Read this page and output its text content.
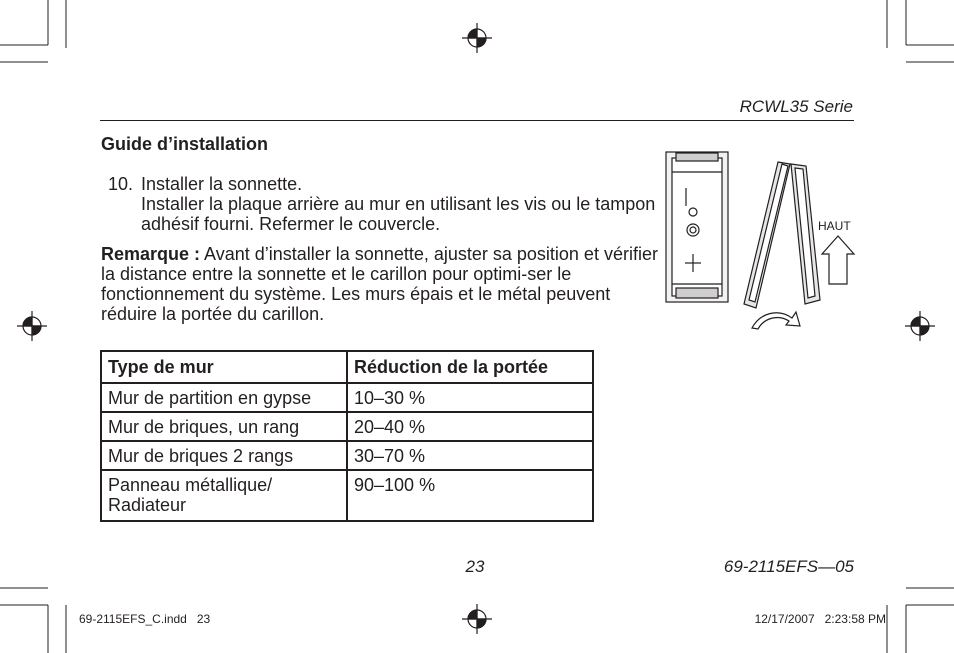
RCWL35 Serie
Guide d’installation
10. Installer la sonnette.
Installer la plaque arrière au mur en utilisant les vis ou le tampon adhésif fourni. Refermer le couvercle.
Remarque : Avant d’installer la sonnette, ajuster sa position et vérifier la distance entre la sonnette et le carillon pour optimi-ser le fonctionnement du système. Les murs épais et le métal peuvent réduire la portée du carillon.
HAUT
Type de mur	Réduction de la portée
Mur de partition en gypse	10–30 %
Mur de briques, un rang	20–40 %
Mur de briques 2 rangs	30–70 %
Panneau métallique/ Radiateur	90–100 %
23	69-2115EFS—05
69-2115EFS_C.indd   23	12/17/2007   2:23:58 PM
